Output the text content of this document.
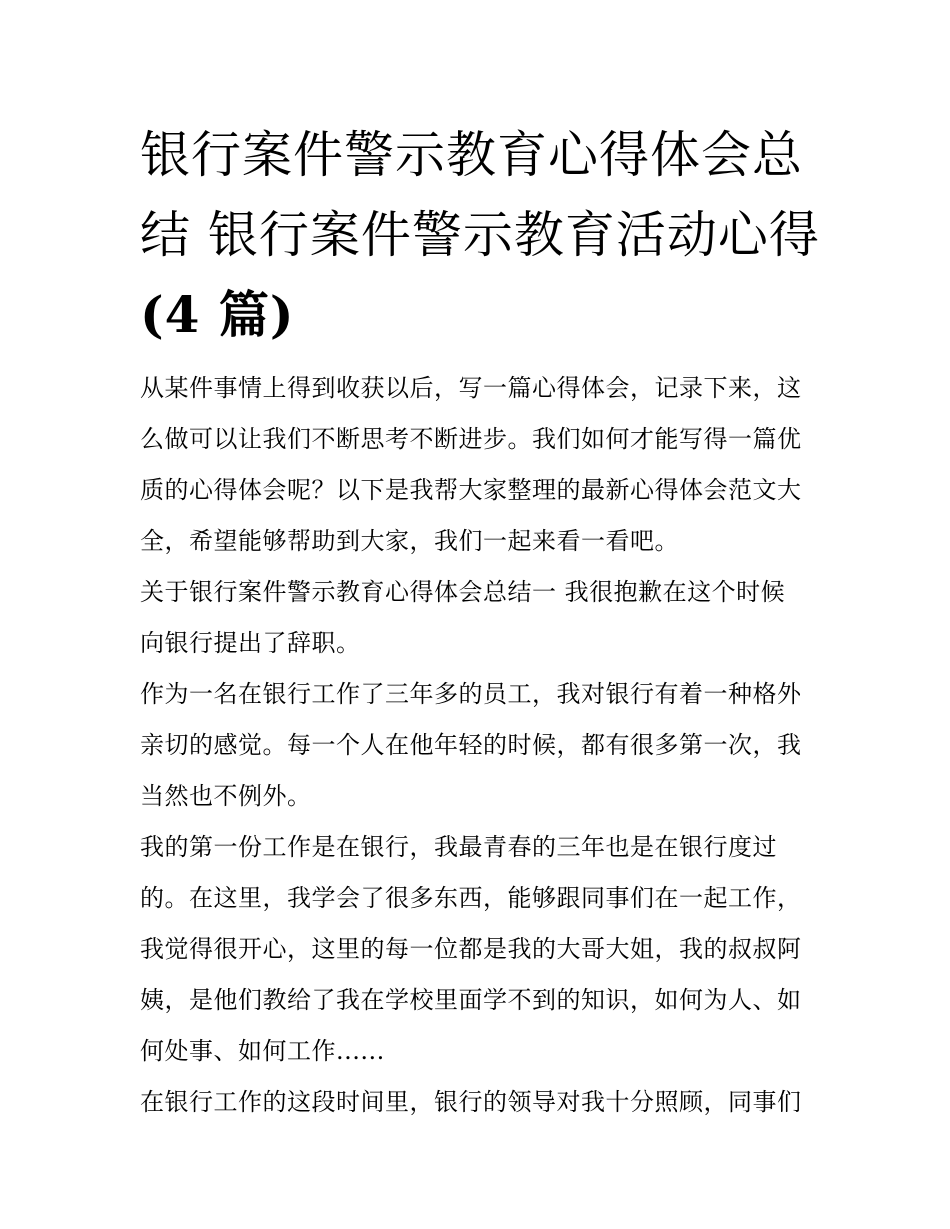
银行案件警示教育心得体会总
结 银行案件警示教育活动心得
(4 篇)

从某件事情上得到收获以后，写一篇心得体会，记录下来，这
么做可以让我们不断思考不断进步。我们如何才能写得一篇优
质的心得体会呢？以下是我帮大家整理的最新心得体会范文大
全，希望能够帮助到大家，我们一起来看一看吧。

关于银行案件警示教育心得体会总结一 我很抱歉在这个时候
向银行提出了辞职。

作为一名在银行工作了三年多的员工，我对银行有着一种格外
亲切的感觉。每一个人在他年轻的时候，都有很多第一次，我
当然也不例外。

我的第一份工作是在银行，我最青春的三年也是在银行度过
的。在这里，我学会了很多东西，能够跟同事们在一起工作，
我觉得很开心，这里的每一位都是我的大哥大姐，我的叔叔阿
姨，是他们教给了我在学校里面学不到的知识，如何为人、如
何处事、如何工作......

在银行工作的这段时间里，银行的领导对我十分照顾，同事们
